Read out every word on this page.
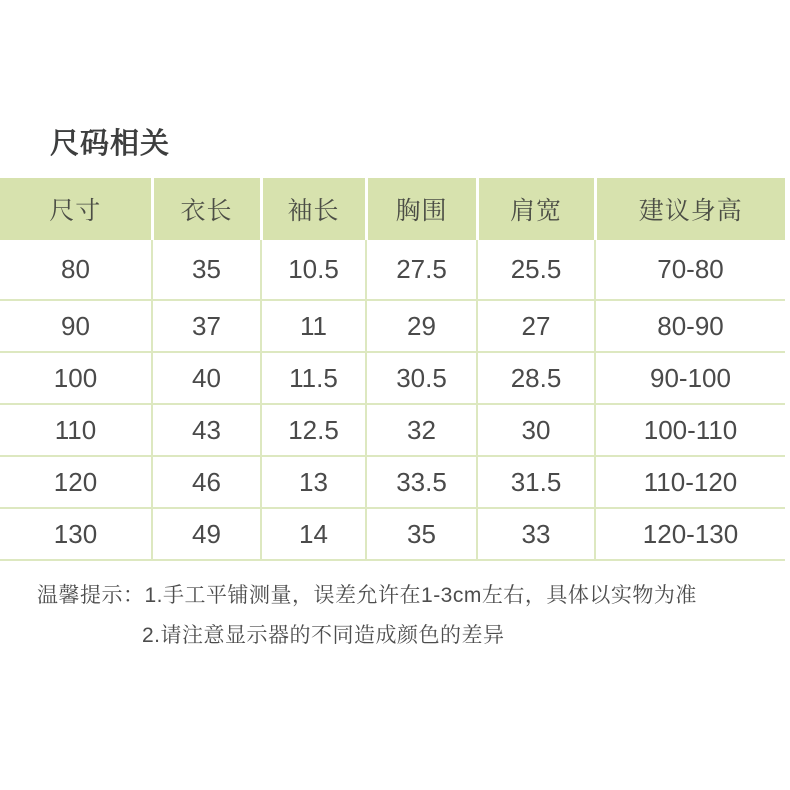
尺码相关
尺寸	衣长	袖长	胸围	肩宽	建议身高
80	35	10.5	27.5	25.5	70-80
90	37	11	29	27	80-90
100	40	11.5	30.5	28.5	90-100
110	43	12.5	32	30	100-110
120	46	13	33.5	31.5	110-120
130	49	14	35	33	120-130

温馨提示：1.手工平铺测量，误差允许在1-3cm左右，具体以实物为准

2.请注意显示器的不同造成颜色的差异
